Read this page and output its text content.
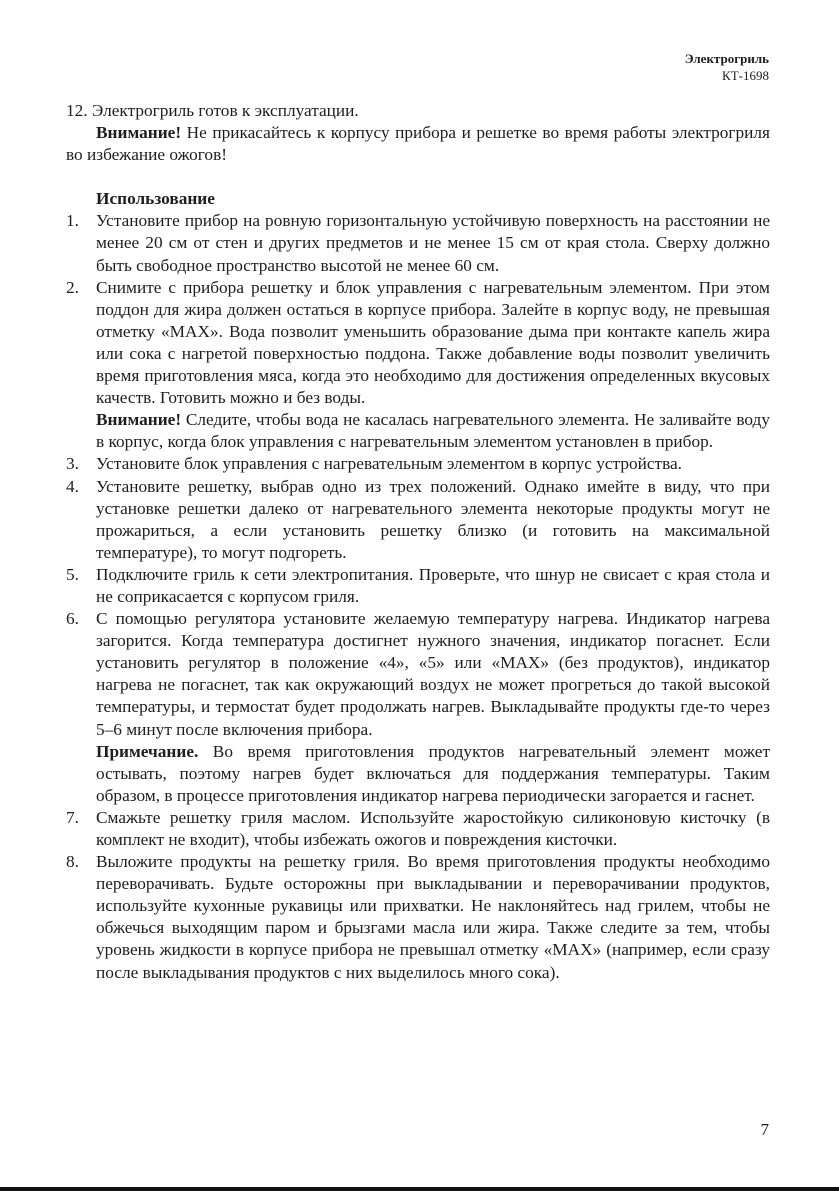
Электрогриль
КТ-1698

12. Электрогриль готов к эксплуатации.

Внимание! Не прикасайтесь к корпусу прибора и решетке во время работы электрогриля во избежание ожогов!

Использование

1. Установите прибор на ровную горизонтальную устойчивую поверхность на расстоянии не менее 20 см от стен и других предметов и не менее 15 см от края стола. Сверху должно быть свободное пространство высотой не менее 60 см.
2. Снимите с прибора решетку и блок управления с нагревательным элементом. При этом поддон для жира должен остаться в корпусе прибора. Залейте в корпус воду, не превышая отметку «MAX». Вода позволит уменьшить образование дыма при контакте капель жира или сока с нагретой поверхностью поддона. Также добавление воды позволит увеличить время приготовления мяса, когда это необходимо для достижения определенных вкусовых качеств. Готовить можно и без воды.

Внимание! Следите, чтобы вода не касалась нагревательного элемента. Не заливайте воду в корпус, когда блок управления с нагревательным элементом установлен в прибор.

3. Установите блок управления с нагревательным элементом в корпус устройства.
4. Установите решетку, выбрав одно из трех положений. Однако имейте в виду, что при установке решетки далеко от нагревательного элемента некоторые продукты могут не прожариться, а если установить решетку близко (и готовить на максимальной температуре), то могут подгореть.
5. Подключите гриль к сети электропитания. Проверьте, что шнур не свисает с края стола и не соприкасается с корпусом гриля.
6. С помощью регулятора установите желаемую температуру нагрева. Индикатор нагрева загорится. Когда температура достигнет нужного значения, индикатор погаснет. Если установить регулятор в положение «4», «5» или «MAX» (без продуктов), индикатор нагрева не погаснет, так как окружающий воздух не может прогреться до такой высокой температуры, и термостат будет продолжать нагрев. Выкладывайте продукты где-то через 5–6 минут после включения прибора.

Примечание. Во время приготовления продуктов нагревательный элемент может остывать, поэтому нагрев будет включаться для поддержания температуры. Таким образом, в процессе приготовления индикатор нагрева периодически загорается и гаснет.

7. Смажьте решетку гриля маслом. Используйте жаростойкую силиконовую кисточку (в комплект не входит), чтобы избежать ожогов и повреждения кисточки.
8. Выложите продукты на решетку гриля. Во время приготовления продукты необходимо переворачивать. Будьте осторожны при выкладывании и переворачивании продуктов, используйте кухонные рукавицы или прихватки. Не наклоняйтесь над грилем, чтобы не обжечься выходящим паром и брызгами масла или жира. Также следите за тем, чтобы уровень жидкости в корпусе прибора не превышал отметку «MAX» (например, если сразу после выкладывания продуктов с них выделилось много сока).
7
